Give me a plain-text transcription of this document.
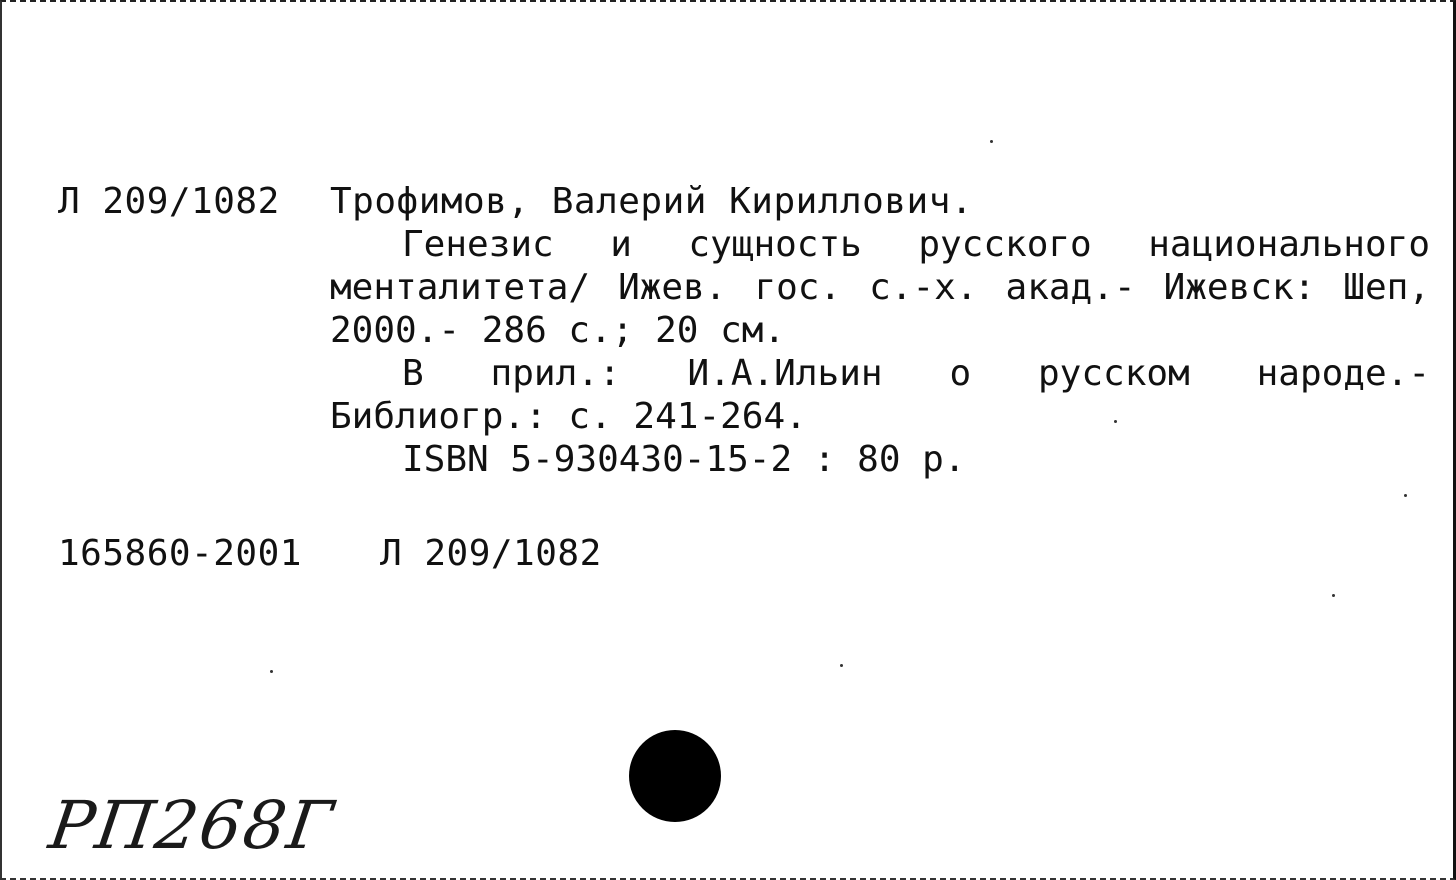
Л 209/1082 Трофимов, Валерий Кириллович.

Генезис и сущность русского национального менталитета/ Ижев. гос. с.-х. акад.- Ижевск: Шеп, 2000.- 286 с.; 20 см.

В прил.: И.А.Ильин о русском народе.- Библиогр.: с. 241-264.

ISBN 5-930430-15-2 : 80 р.

165860-2001 Л 209/1082
РП268Г
